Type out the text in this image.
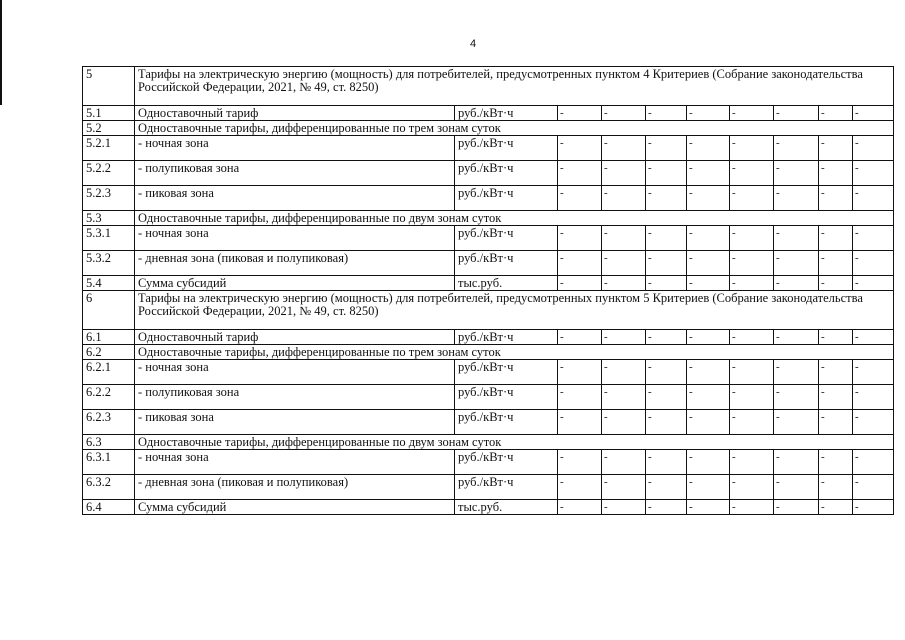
4
5	Тарифы на электрическую энергию (мощность) для потребителей, предусмотренных пунктом 4 Критериев (Собрание законодательства Российской Федерации, 2021, № 49, ст. 8250)									
5.1	Одноставочный тариф	руб./кВт·ч	-	-	-	-	-	-	-	-
5.2	Одноставочные тарифы, дифференцированные по трем зонам суток									
5.2.1	- ночная зона	руб./кВт·ч	-	-	-	-	-	-	-	-
5.2.2	- полупиковая зона	руб./кВт·ч	-	-	-	-	-	-	-	-
5.2.3	- пиковая зона	руб./кВт·ч	-	-	-	-	-	-	-	-
5.3	Одноставочные тарифы, дифференцированные по двум зонам суток									
5.3.1	- ночная зона	руб./кВт·ч	-	-	-	-	-	-	-	-
5.3.2	- дневная зона (пиковая и полупиковая)	руб./кВт·ч	-	-	-	-	-	-	-	-
5.4	Сумма субсидий	тыс.руб.	-	-	-	-	-	-	-	-
6	Тарифы на электрическую энергию (мощность) для потребителей, предусмотренных пунктом 5 Критериев (Собрание законодательства Российской Федерации, 2021, № 49, ст. 8250)									
6.1	Одноставочный тариф	руб./кВт·ч	-	-	-	-	-	-	-	-
6.2	Одноставочные тарифы, дифференцированные по трем зонам суток									
6.2.1	- ночная зона	руб./кВт·ч	-	-	-	-	-	-	-	-
6.2.2	- полупиковая зона	руб./кВт·ч	-	-	-	-	-	-	-	-
6.2.3	- пиковая зона	руб./кВт·ч	-	-	-	-	-	-	-	-
6.3	Одноставочные тарифы, дифференцированные по двум зонам суток									
6.3.1	- ночная зона	руб./кВт·ч	-	-	-	-	-	-	-	-
6.3.2	- дневная зона (пиковая и полупиковая)	руб./кВт·ч	-	-	-	-	-	-	-	-
6.4	Сумма субсидий	тыс.руб.	-	-	-	-	-	-	-	-
